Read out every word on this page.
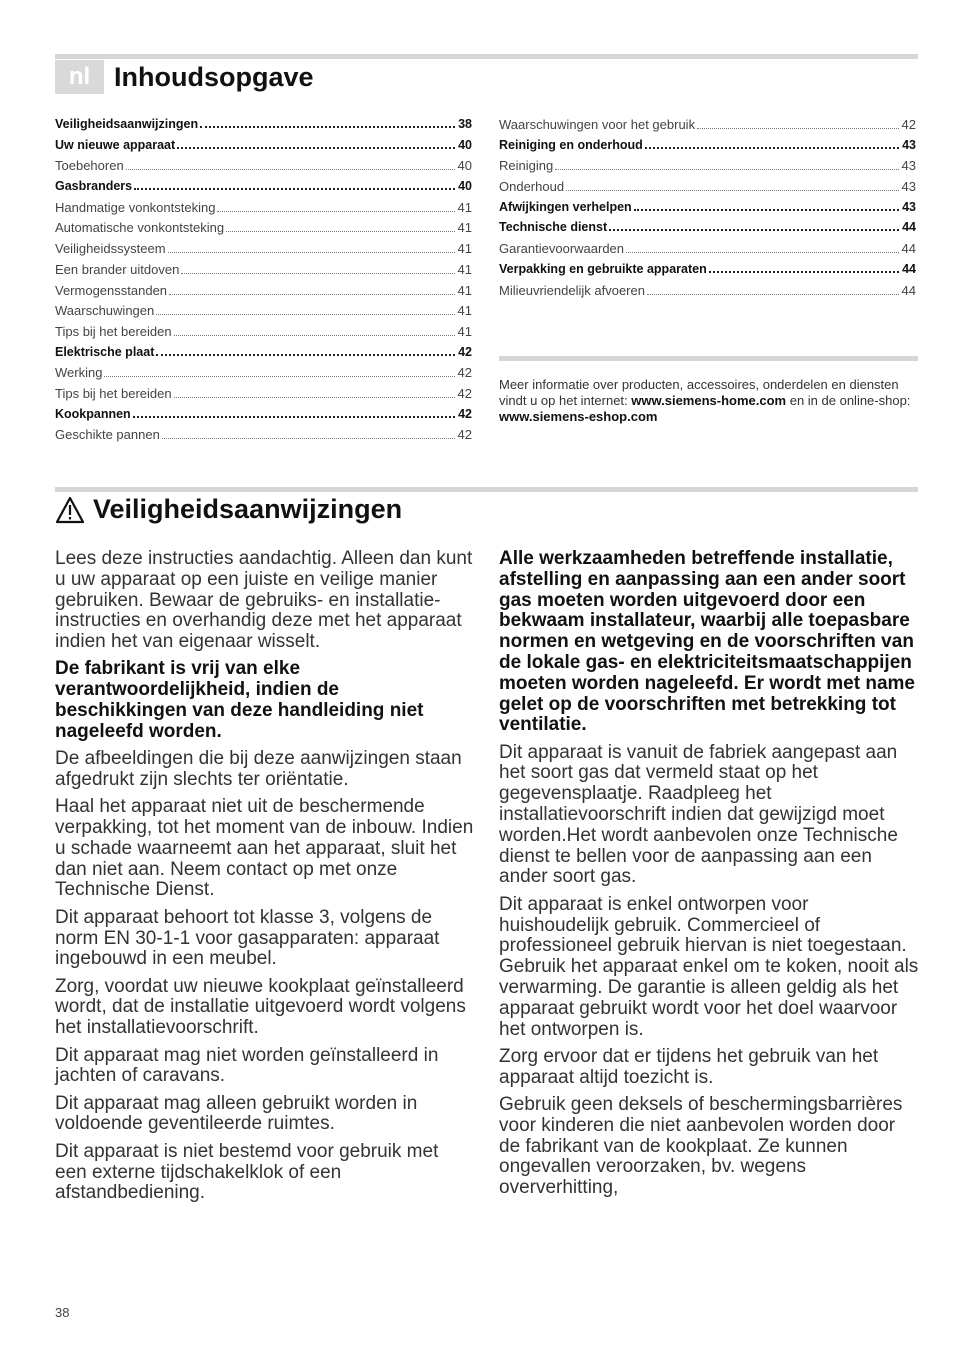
nl Inhoudsopgave
Veiligheidsaanwijzingen	38
Uw nieuwe apparaat	40
Toebehoren	40
Gasbranders	40
Handmatige vonkontsteking	41
Automatische vonkontsteking	41
Veiligheidssysteem	41
Een brander uitdoven	41
Vermogensstanden	41
Waarschuwingen	41
Tips bij het bereiden	41
Elektrische plaat	42
Werking	42
Tips bij het bereiden	42
Kookpannen	42
Geschikte pannen	42
Waarschuwingen voor het gebruik	42
Reiniging en onderhoud	43
Reiniging	43
Onderhoud	43
Afwijkingen verhelpen	43
Technische dienst	44
Garantievoorwaarden	44
Verpakking en gebruikte apparaten	44
Milieuvriendelijk afvoeren	44
Meer informatie over producten, accessoires, onderdelen en diensten vindt u op het internet: www.siemens-home.com en in de online-shop: www.siemens-eshop.com
Veiligheidsaanwijzingen

Lees deze instructies aandachtig. Alleen dan kunt u uw apparaat op een juiste en veilige manier gebruiken. Bewaar de gebruiks- en installatie-instructies en overhandig deze met het apparaat indien het van eigenaar wisselt.

De fabrikant is vrij van elke verantwoordelijkheid, indien de beschikkingen van deze handleiding niet nageleefd worden.

De afbeeldingen die bij deze aanwijzingen staan afgedrukt zijn slechts ter oriëntatie.

Haal het apparaat niet uit de beschermende verpakking, tot het moment van de inbouw. Indien u schade waarneemt aan het apparaat, sluit het dan niet aan. Neem contact op met onze Technische Dienst.

Dit apparaat behoort tot klasse 3, volgens de norm EN 30-1-1 voor gasapparaten: apparaat ingebouwd in een meubel.

Zorg, voordat uw nieuwe kookplaat geïnstalleerd wordt, dat de installatie uitgevoerd wordt volgens het installatievoorschrift.

Dit apparaat mag niet worden geïnstalleerd in jachten of caravans.

Dit apparaat mag alleen gebruikt worden in voldoende geventileerde ruimtes.

Dit apparaat is niet bestemd voor gebruik met een externe tijdschakelklok of een afstandbediening.

Alle werkzaamheden betreffende installatie, afstelling en aanpassing aan een ander soort gas moeten worden uitgevoerd door een bekwaam installateur, waarbij alle toepasbare normen en wetgeving en de voorschriften van de lokale gas- en elektriciteitsmaatschappijen moeten worden nageleefd. Er wordt met name gelet op de voorschriften met betrekking tot ventilatie.

Dit apparaat is vanuit de fabriek aangepast aan het soort gas dat vermeld staat op het gegevensplaatje. Raadpleeg het installatievoorschrift indien dat gewijzigd moet worden.Het wordt aanbevolen onze Technische dienst te bellen voor de aanpassing aan een ander soort gas.

Dit apparaat is enkel ontworpen voor huishoudelijk gebruik. Commercieel of professioneel gebruik hiervan is niet toegestaan. Gebruik het apparaat enkel om te koken, nooit als verwarming. De garantie is alleen geldig als het apparaat gebruikt wordt voor het doel waarvoor het ontworpen is.

Zorg ervoor dat er tijdens het gebruik van het apparaat altijd toezicht is.

Gebruik geen deksels of beschermingsbarrières voor kinderen die niet aanbevolen worden door de fabrikant van de kookplaat. Ze kunnen ongevallen veroorzaken, bv. wegens oververhitting,

38
